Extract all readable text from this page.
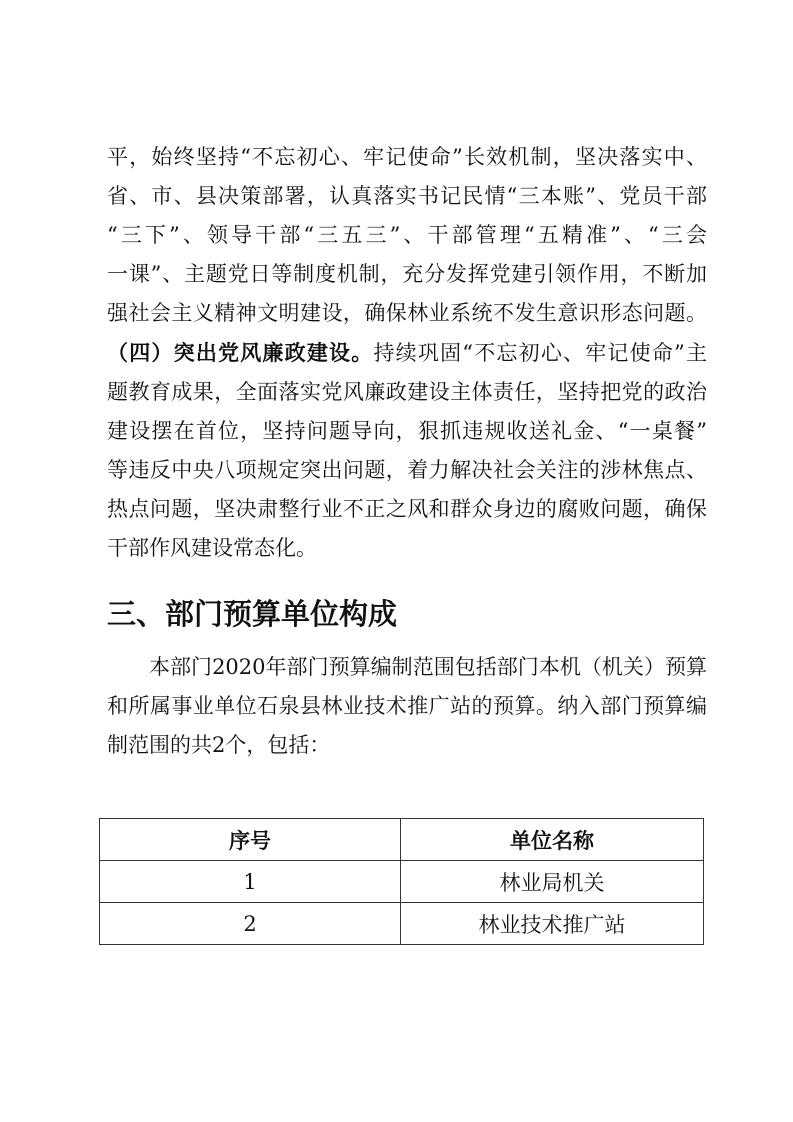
平，始终坚持“不忘初心、牢记使命”长效机制，坚决落实中、
省、市、县决策部署，认真落实书记民情“三本账”、党员干部
“三下”、领导干部“三五三”、干部管理“五精准”、“三会
一课”、主题党日等制度机制，充分发挥党建引领作用，不断加
强社会主义精神文明建设，确保林业系统不发生意识形态问题。
（四）突出党风廉政建设。持续巩固“不忘初心、牢记使命”主
题教育成果，全面落实党风廉政建设主体责任，坚持把党的政治
建设摆在首位，坚持问题导向，狠抓违规收送礼金、“一桌餐”
等违反中央八项规定突出问题，着力解决社会关注的涉林焦点、
热点问题，坚决肃整行业不正之风和群众身边的腐败问题，确保
干部作风建设常态化。
三、部门预算单位构成
本部门2020年部门预算编制范围包括部门本机（机关）预算
和所属事业单位石泉县林业技术推广站的预算。纳入部门预算编
制范围的共2个，包括：
序号	单位名称
1	林业局机关
2	林业技术推广站
